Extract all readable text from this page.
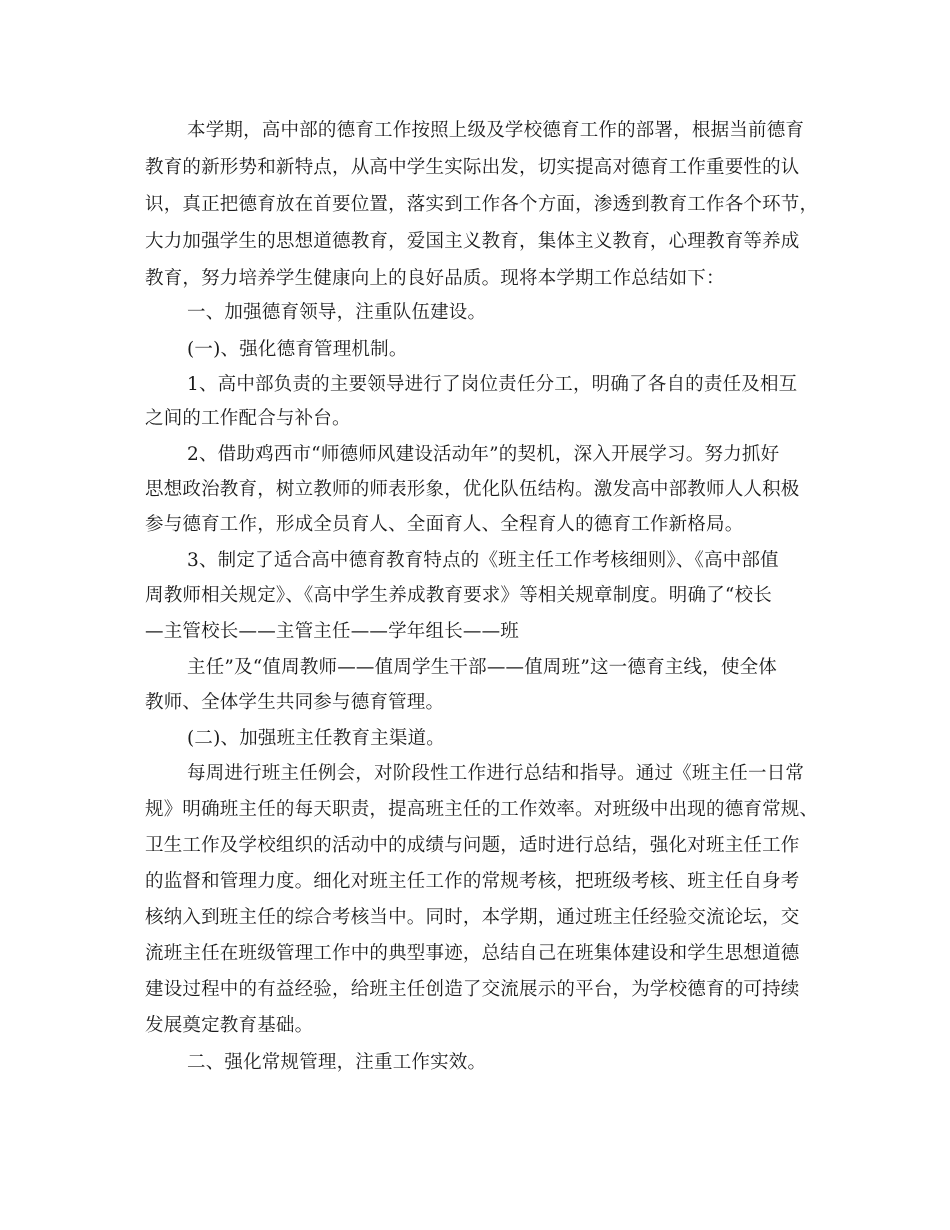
本学期，高中部的德育工作按照上级及学校德育工作的部署，根据当前德育

教育的新形势和新特点，从高中学生实际出发，切实提高对德育工作重要性的认

识，真正把德育放在首要位置，落实到工作各个方面，渗透到教育工作各个环节，

大力加强学生的思想道德教育，爱国主义教育，集体主义教育，心理教育等养成

教育，努力培养学生健康向上的良好品质。现将本学期工作总结如下：

一、加强德育领导，注重队伍建设。

(一)、强化德育管理机制。

1、高中部负责的主要领导进行了岗位责任分工，明确了各自的责任及相互

之间的工作配合与补台。

2、借助鸡西市“师德师风建设活动年”的契机，深入开展学习。努力抓好

思想政治教育，树立教师的师表形象，优化队伍结构。激发高中部教师人人积极

参与德育工作，形成全员育人、全面育人、全程育人的德育工作新格局。

3、制定了适合高中德育教育特点的《班主任工作考核细则》、《高中部值

周教师相关规定》、《高中学生养成教育要求》等相关规章制度。明确了“校长

—主管校长——主管主任——学年组长——班

主任”及“值周教师——值周学生干部——值周班”这一德育主线，使全体

教师、全体学生共同参与德育管理。

(二)、加强班主任教育主渠道。

每周进行班主任例会，对阶段性工作进行总结和指导。通过《班主任一日常

规》明确班主任的每天职责，提高班主任的工作效率。对班级中出现的德育常规、

卫生工作及学校组织的活动中的成绩与问题，适时进行总结，强化对班主任工作

的监督和管理力度。细化对班主任工作的常规考核，把班级考核、班主任自身考

核纳入到班主任的综合考核当中。同时，本学期，通过班主任经验交流论坛，交

流班主任在班级管理工作中的典型事迹，总结自己在班集体建设和学生思想道德

建设过程中的有益经验，给班主任创造了交流展示的平台，为学校德育的可持续

发展奠定教育基础。

二、强化常规管理，注重工作实效。
